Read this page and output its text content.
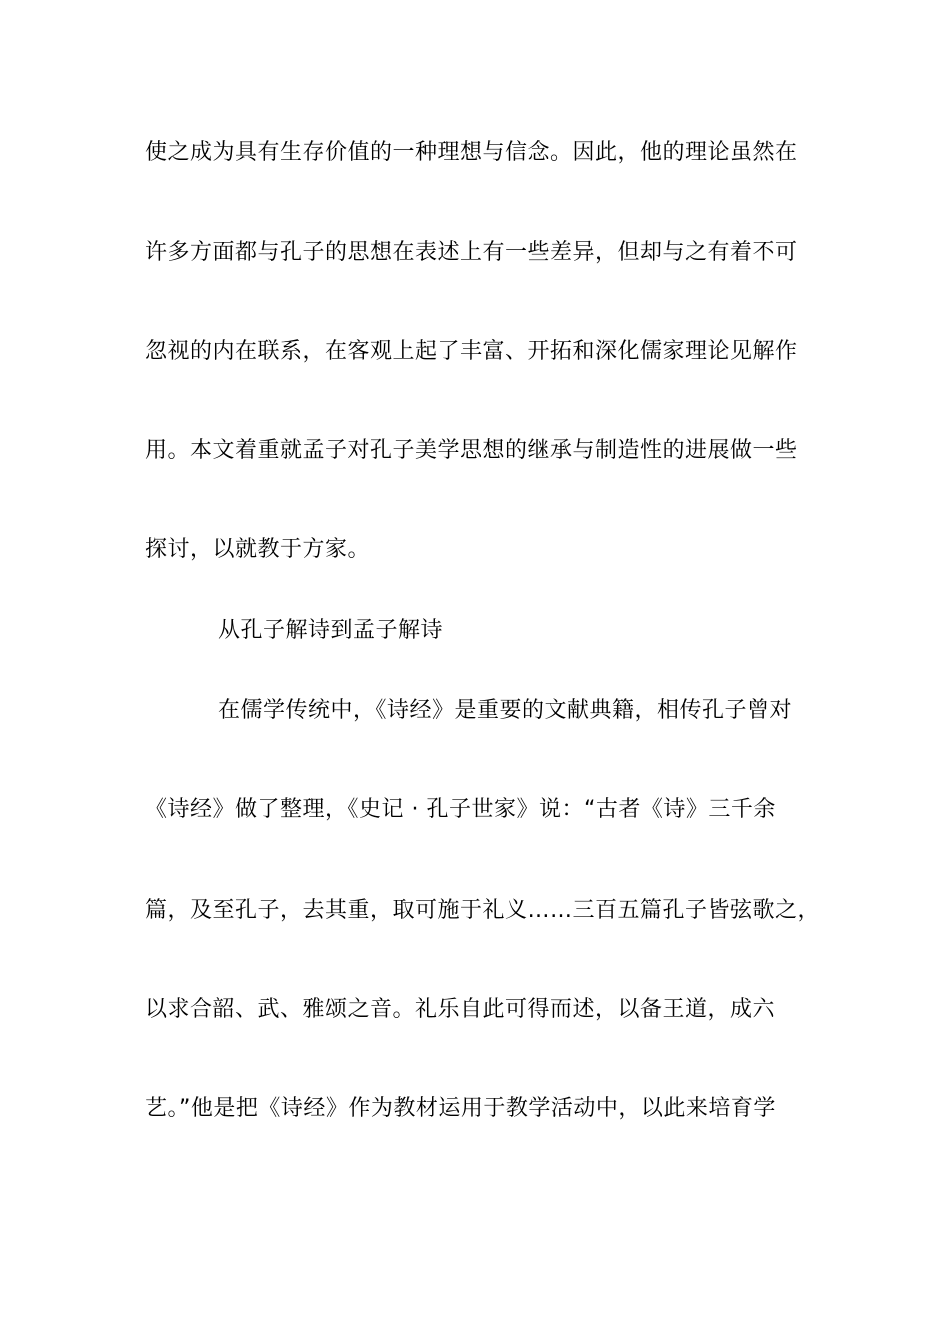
使之成为具有生存价值的一种理想与信念。因此，他的理论虽然在
许多方面都与孔子的思想在表述上有一些差异，但却与之有着不可
忽视的内在联系，在客观上起了丰富、开拓和深化儒家理论见解作
用。本文着重就孟子对孔子美学思想的继承与制造性的进展做一些
探讨，以就教于方家。
从孔子解诗到孟子解诗
在儒学传统中，《诗经》是重要的文献典籍，相传孔子曾对
《诗经》做了整理，《史记 · 孔子世家》说：“古者《诗》三千余
篇，及至孔子，去其重，取可施于礼义……三百五篇孔子皆弦歌之，
以求合韶、武、雅颂之音。礼乐自此可得而述，以备王道，成六
艺。”他是把《诗经》作为教材运用于教学活动中，以此来培育学
